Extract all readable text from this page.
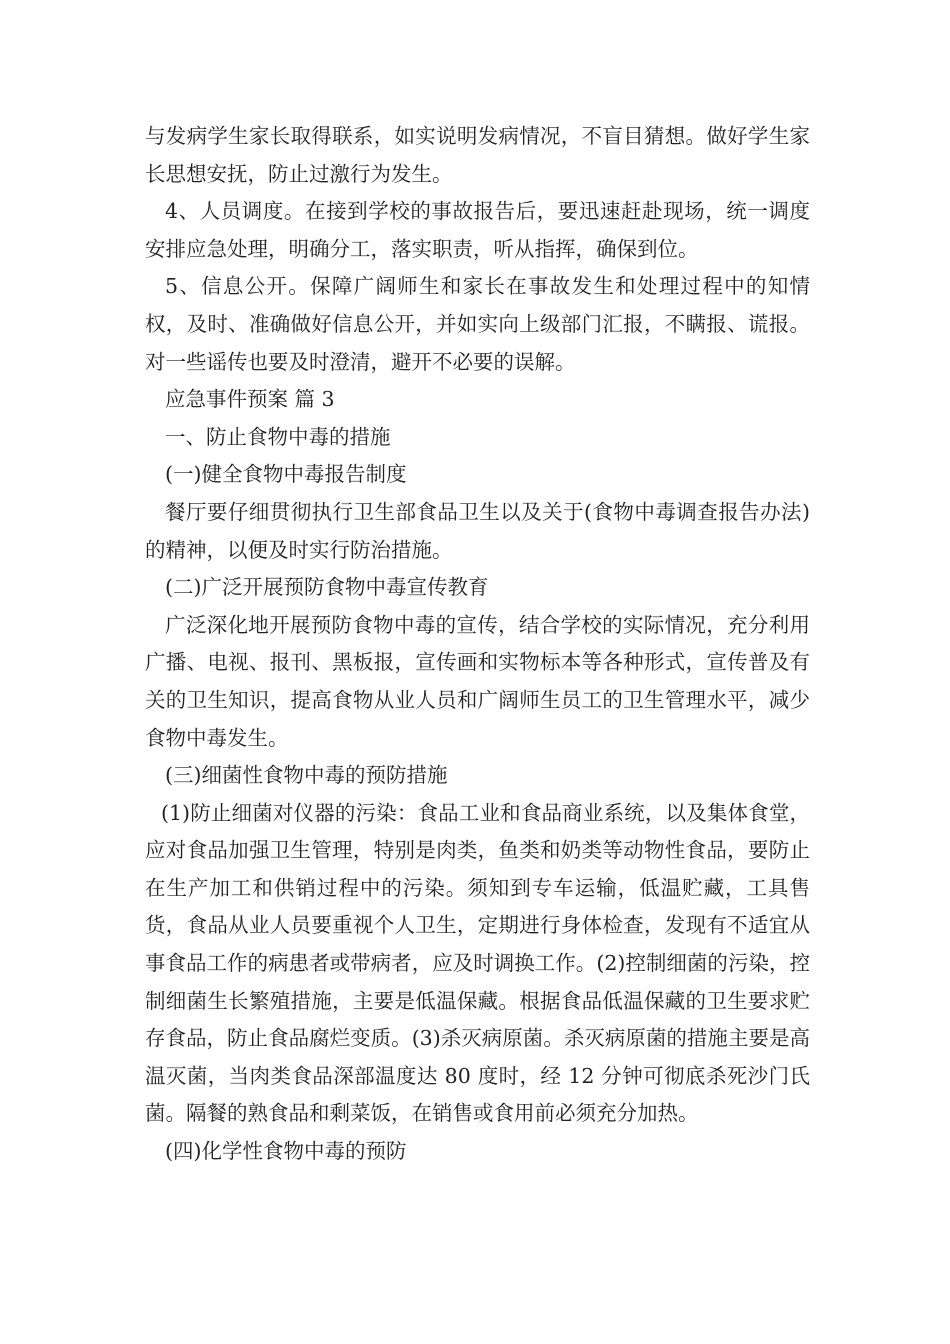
与发病学生家长取得联系，如实说明发病情况，不盲目猜想。做好学生家长思想安抚，防止过激行为发生。

4、人员调度。在接到学校的事故报告后，要迅速赶赴现场，统一调度安排应急处理，明确分工，落实职责，听从指挥，确保到位。

5、信息公开。保障广阔师生和家长在事故发生和处理过程中的知情权，及时、准确做好信息公开，并如实向上级部门汇报，不瞒报、谎报。对一些谣传也要及时澄清，避开不必要的误解。

应急事件预案 篇 3

一、防止食物中毒的措施

(一)健全食物中毒报告制度

餐厅要仔细贯彻执行卫生部食品卫生以及关于(食物中毒调查报告办法)的精神，以便及时实行防治措施。

(二)广泛开展预防食物中毒宣传教育

广泛深化地开展预防食物中毒的宣传，结合学校的实际情况，充分利用广播、电视、报刊、黑板报，宣传画和实物标本等各种形式，宣传普及有关的卫生知识，提高食物从业人员和广阔师生员工的卫生管理水平，减少食物中毒发生。

(三)细菌性食物中毒的预防措施

(1)防止细菌对仪器的污染：食品工业和食品商业系统，以及集体食堂，应对食品加强卫生管理，特别是肉类，鱼类和奶类等动物性食品，要防止在生产加工和供销过程中的污染。须知到专车运输，低温贮藏，工具售货，食品从业人员要重视个人卫生，定期进行身体检查，发现有不适宜从事食品工作的病患者或带病者，应及时调换工作。(2)控制细菌的污染，控制细菌生长繁殖措施，主要是低温保藏。根据食品低温保藏的卫生要求贮存食品，防止食品腐烂变质。(3)杀灭病原菌。杀灭病原菌的措施主要是高温灭菌，当肉类食品深部温度达 80 度时，经 12 分钟可彻底杀死沙门氏菌。隔餐的熟食品和剩菜饭，在销售或食用前必须充分加热。

(四)化学性食物中毒的预防
